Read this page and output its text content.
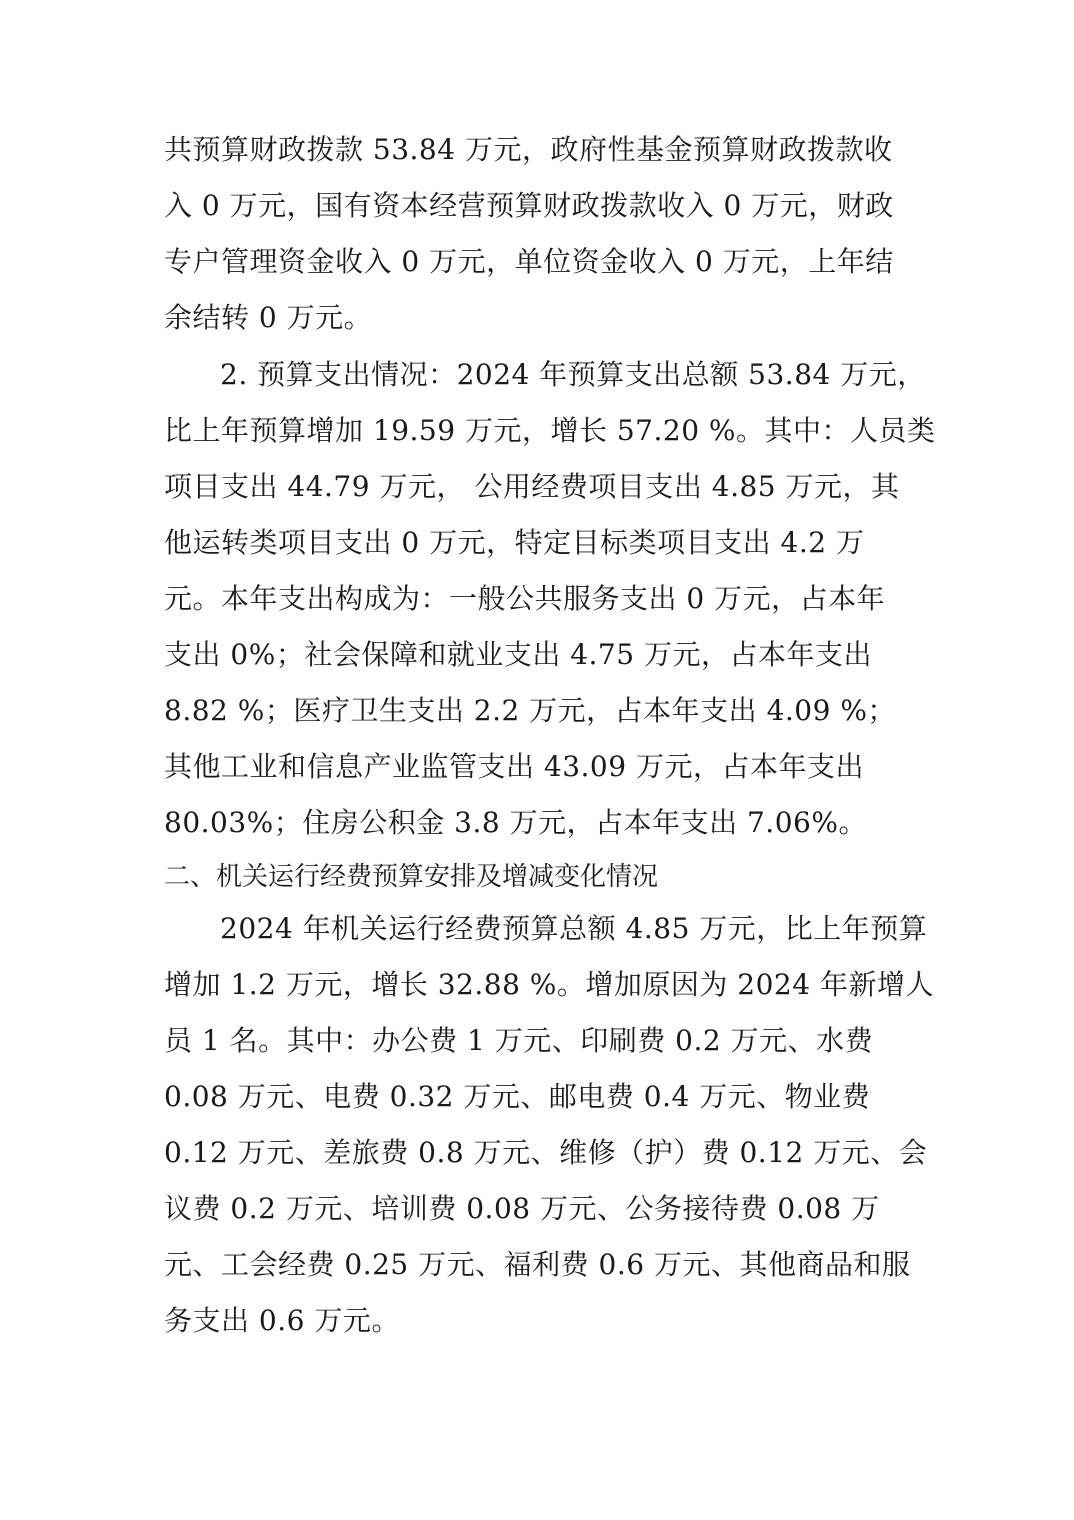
共预算财政拨款 53.84 万元，政府性基金预算财政拨款收
入 0 万元，国有资本经营预算财政拨款收入 0 万元，财政
专户管理资金收入 0 万元，单位资金收入 0 万元，上年结
余结转 0 万元。
2. 预算支出情况：2024 年预算支出总额 53.84 万元，
比上年预算增加 19.59 万元，增长 57.20 %。其中：人员类
项目支出 44.79 万元， 公用经费项目支出 4.85 万元，其
他运转类项目支出 0 万元，特定目标类项目支出 4.2 万
元。本年支出构成为：一般公共服务支出 0 万元，占本年
支出 0%；社会保障和就业支出 4.75 万元，占本年支出
8.82 %；医疗卫生支出 2.2 万元，占本年支出 4.09 %；
其他工业和信息产业监管支出 43.09 万元，占本年支出
80.03%；住房公积金 3.8 万元，占本年支出 7.06%。
二、机关运行经费预算安排及增减变化情况
2024 年机关运行经费预算总额 4.85 万元，比上年预算
增加 1.2 万元，增长 32.88 %。增加原因为 2024 年新增人
员 1 名。其中：办公费 1 万元、印刷费 0.2 万元、水费
0.08 万元、电费 0.32 万元、邮电费 0.4 万元、物业费
0.12 万元、差旅费 0.8 万元、维修（护）费 0.12 万元、会
议费 0.2 万元、培训费 0.08 万元、公务接待费 0.08 万
元、工会经费 0.25 万元、福利费 0.6 万元、其他商品和服
务支出 0.6 万元。
